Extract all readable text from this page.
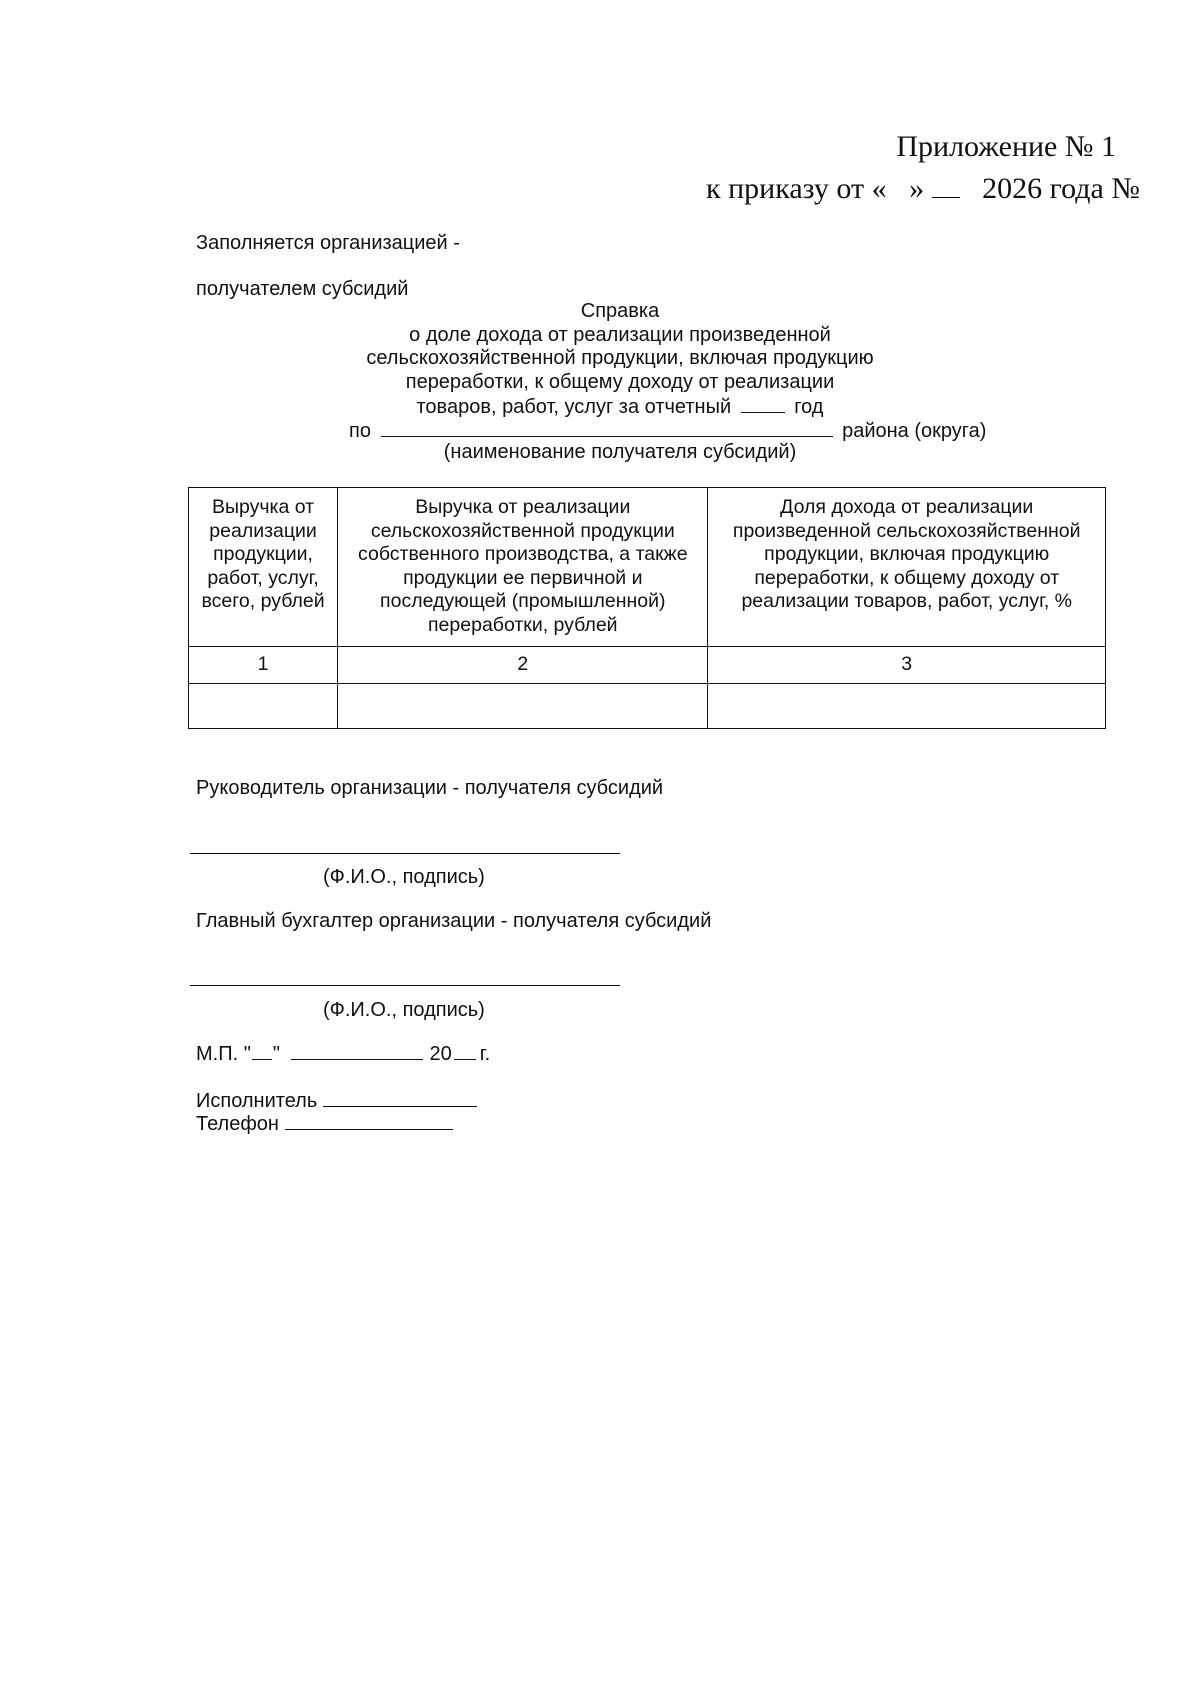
Приложение № 1
к приказу от « » 2026 года №
Заполняется организацией -
получателем субсидий
Справка
о доле дохода от реализации произведенной
сельскохозяйственной продукции, включая продукцию
переработки, к общему доходу от реализации
товаров, работ, услуг за отчетный	год
по	района (округа)
(наименование получателя субсидий)
Выручка от реализации продукции, работ, услуг, всего, рублей	Выручка от реализации сельскохозяйственной продукции собственного производства, а также продукции ее первичной и последующей (промышленной) переработки, рублей	Доля дохода от реализации произведенной сельскохозяйственной продукции, включая продукцию переработки, к общему доходу от реализации товаров, работ, услуг, %
1	2	3

Руководитель организации - получателя субсидий
(Ф.И.О., подпись)
Главный бухгалтер организации - получателя субсидий
(Ф.И.О., подпись)
М.П. " "	20 г.
Исполнитель
Телефон
